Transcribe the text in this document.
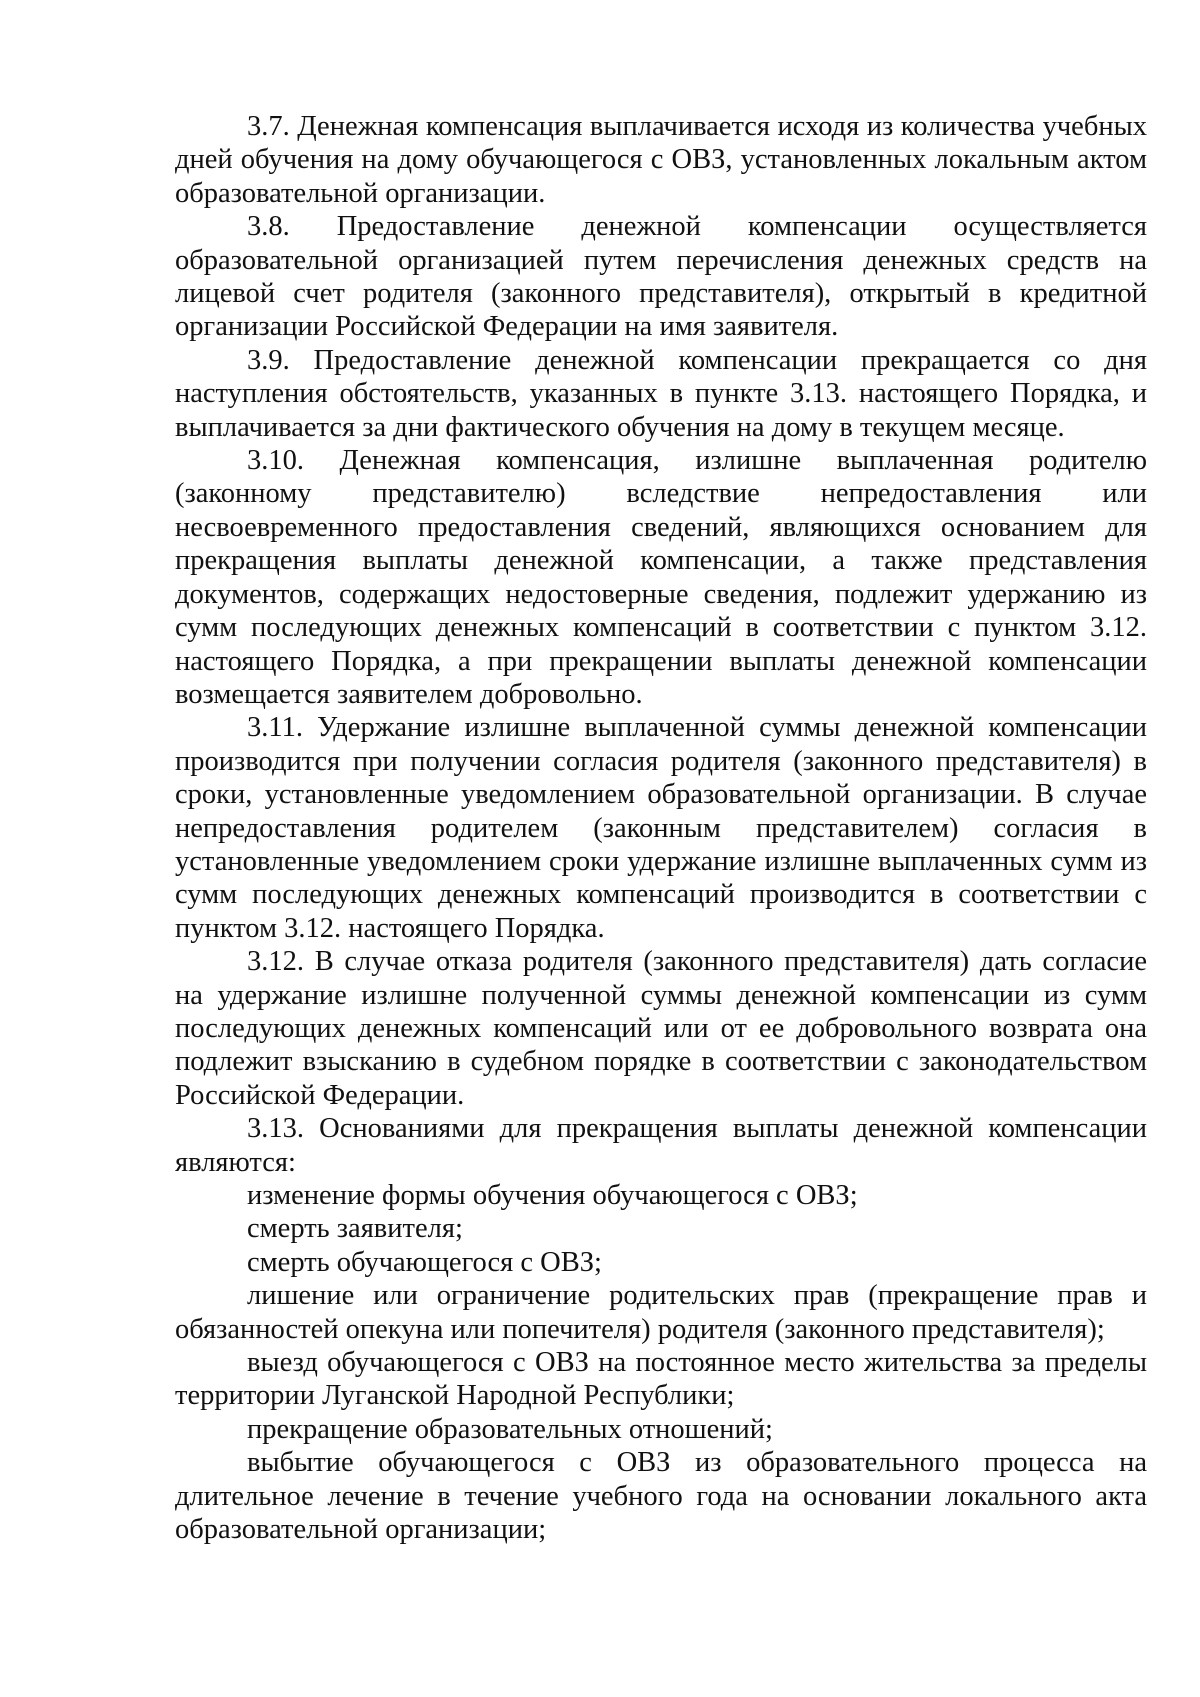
3.7. Денежная компенсация выплачивается исходя из количества учебных дней обучения на дому обучающегося с ОВЗ, установленных локальным актом образовательной организации.

3.8. Предоставление денежной компенсации осуществляется образовательной организацией путем перечисления денежных средств на лицевой счет родителя (законного представителя), открытый в кредитной организации Российской Федерации на имя заявителя.

3.9. Предоставление денежной компенсации прекращается со дня наступления обстоятельств, указанных в пункте 3.13. настоящего Порядка, и выплачивается за дни фактического обучения на дому в текущем месяце.

3.10. Денежная компенсация, излишне выплаченная родителю (законному представителю) вследствие непредоставления или несвоевременного предоставления сведений, являющихся основанием для прекращения выплаты денежной компенсации, а также представления документов, содержащих недостоверные сведения, подлежит удержанию из сумм последующих денежных компенсаций в соответствии с пунктом 3.12. настоящего Порядка, а при прекращении выплаты денежной компенсации возмещается заявителем добровольно.

3.11. Удержание излишне выплаченной суммы денежной компенсации производится при получении согласия родителя (законного представителя) в сроки, установленные уведомлением образовательной организации. В случае непредоставления родителем (законным представителем) согласия в установленные уведомлением сроки удержание излишне выплаченных сумм из сумм последующих денежных компенсаций производится в соответствии с пунктом 3.12. настоящего Порядка.

3.12. В случае отказа родителя (законного представителя) дать согласие на удержание излишне полученной суммы денежной компенсации из сумм последующих денежных компенсаций или от ее добровольного возврата она подлежит взысканию в судебном порядке в соответствии с законодательством Российской Федерации.

3.13. Основаниями для прекращения выплаты денежной компенсации являются:

изменение формы обучения обучающегося с ОВЗ;

смерть заявителя;

смерть обучающегося с ОВЗ;

лишение или ограничение родительских прав (прекращение прав и обязанностей опекуна или попечителя) родителя (законного представителя);

выезд обучающегося с ОВЗ на постоянное место жительства за пределы территории Луганской Народной Республики;

прекращение образовательных отношений;

выбытие обучающегося с ОВЗ из образовательного процесса на длительное лечение в течение учебного года на основании локального акта образовательной организации;
